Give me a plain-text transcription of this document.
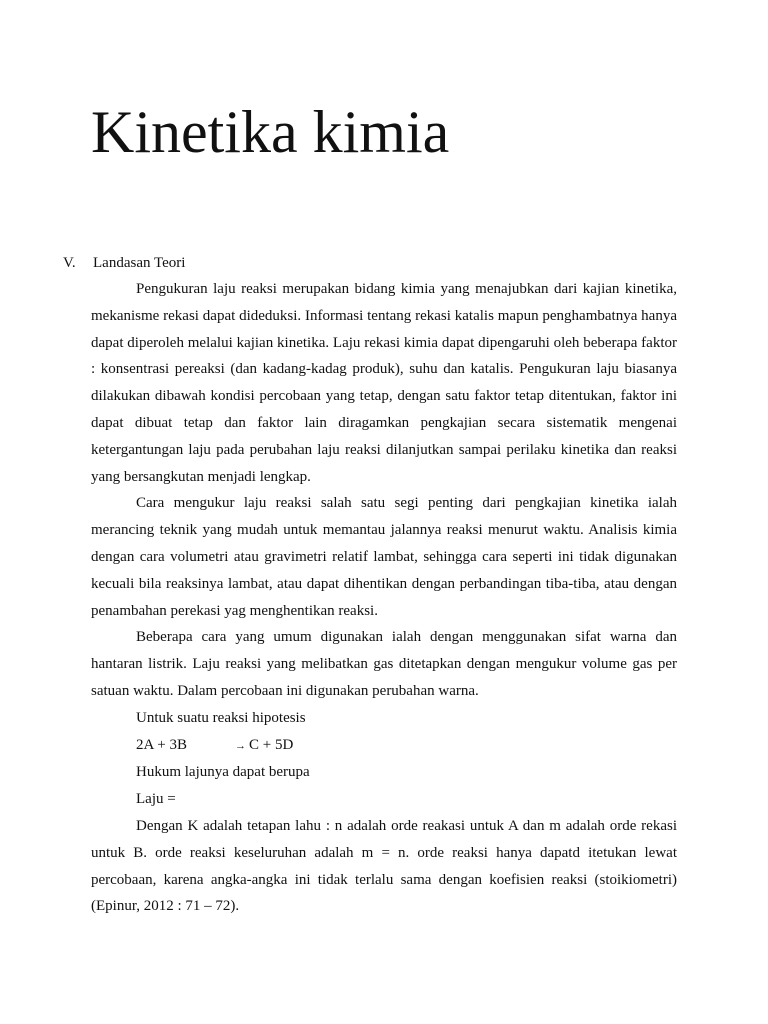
Kinetika kimia
V. Landasan Teori

Pengukuran laju reaksi merupakan bidang kimia yang menajubkan dari kajian kinetika, mekanisme rekasi dapat dideduksi. Informasi tentang rekasi katalis mapun penghambatnya hanya dapat diperoleh melalui kajian kinetika. Laju rekasi kimia dapat dipengaruhi oleh beberapa faktor : konsentrasi pereaksi (dan kadang-kadag produk), suhu dan katalis. Pengukuran laju biasanya dilakukan dibawah kondisi percobaan yang tetap, dengan satu faktor tetap ditentukan, faktor ini dapat dibuat tetap dan faktor lain diragamkan pengkajian secara sistematik mengenai ketergantungan laju pada perubahan laju reaksi dilanjutkan sampai perilaku kinetika dan reaksi yang bersangkutan menjadi lengkap.

Cara mengukur laju reaksi salah satu segi penting dari pengkajian kinetika ialah merancing teknik yang mudah untuk memantau jalannya reaksi menurut waktu. Analisis kimia dengan cara volumetri atau gravimetri relatif lambat, sehingga cara seperti ini tidak digunakan kecuali bila reaksinya lambat, atau dapat dihentikan dengan perbandingan tiba-tiba, atau dengan penambahan perekasi yag menghentikan reaksi.

Beberapa cara yang umum digunakan ialah dengan menggunakan sifat warna dan hantaran listrik. Laju reaksi yang melibatkan gas ditetapkan dengan mengukur volume gas per satuan waktu. Dalam percobaan ini digunakan perubahan warna.

Untuk suatu reaksi hipotesis

2A + 3B	→ C + 5D

Hukum lajunya dapat berupa

Laju =

Dengan K adalah tetapan lahu : n adalah orde reakasi untuk A dan m adalah orde rekasi untuk B. orde reaksi keseluruhan adalah m = n. orde reaksi hanya dapatd itetukan lewat percobaan, karena angka-angka ini tidak terlalu sama dengan koefisien reaksi (stoikiometri) (Epinur, 2012 : 71 – 72).
